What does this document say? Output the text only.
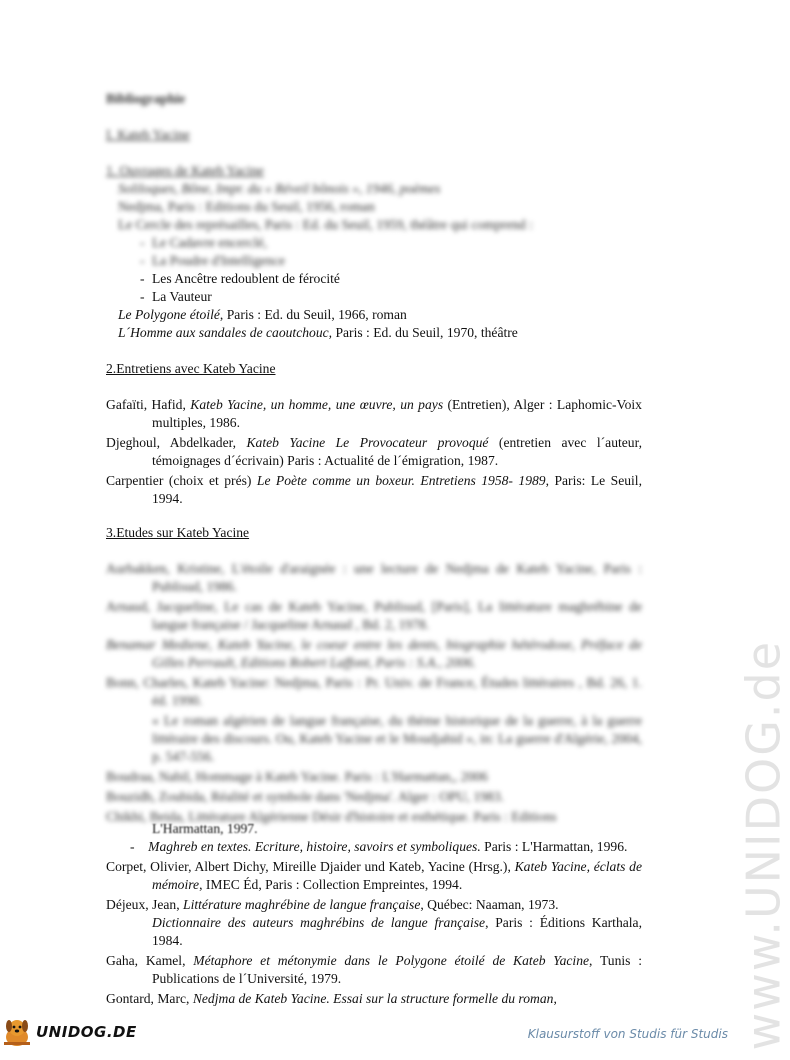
www.UNIDOG.de
Bibliographie
I. Kateb Yacine
1. Ouvrages de Kateb Yacine
Soliloques, Bône, Impr. du « Réveil bônois », 1946, poèmes
Nedjma, Paris : Editions du Seuil, 1956, roman
Le Cercle des représailles, Paris : Ed. du Seuil, 1959, théâtre qui comprend :
- Le Cadavre encerclé,
- La Poudre d'Intelligence
- Les Ancêtre redoublent de férocité
- La Vauteur
Le Polygone étoilé, Paris : Ed. du Seuil, 1966, roman
L´Homme aux sandales de caoutchouc, Paris : Ed. du Seuil, 1970, théâtre
2.Entretiens avec Kateb Yacine

Gafaïti, Hafid, Kateb Yacine, un homme, une œuvre, un pays (Entretien), Alger : Laphomic-Voix multiples, 1986.

Djeghoul, Abdelkader, Kateb Yacine Le Provocateur provoqué (entretien avec l´auteur, témoignages d´écrivain) Paris : Actualité de l´émigration, 1987.

Carpentier (choix et prés) Le Poète comme un boxeur. Entretiens 1958- 1989, Paris: Le Seuil, 1994.

3.Etudes sur Kateb Yacine

Aurbakken, Kristine, L'étoile d'araignée : une lecture de Nedjma de Kateb Yacine, Paris : Publisud, 1986.

Arnaud, Jacqueline, Le cas de Kateb Yacine, Publisud, [Paris], La littérature maghrébine de langue française / Jacqueline Arnaud , Bd. 2, 1978.

Benamar Mediene, Kateb Yacine, le coeur entre les dents, biographie hétérodoxe, Préface de Gilles Perrault, Editions Robert Laffont, Paris : S.A., 2006.

Bonn, Charles, Kateb Yacine: Nedjma, Paris : Pr. Univ. de France, Études littéraires , Bd. 26, 1. éd. 1990.

« Le roman algérien de langue française, du thème historique de la guerre, à la guerre littéraire des discours. Ou, Kateb Yacine et le Moudjahid », in: La guerre d'Algérie, 2004, p. 547-556.

Boudraa, Nabil, Hommage à Kateb Yacine. Paris : L'Harmattan,, 2006

Bouzidh, Zoubida, Réalité et symbole dans 'Nedjma'. Alger : OPU, 1983.

Chikhi, Beida, Littérature Algérienne Désir d'histoire et esthétique. Paris : Editions

L'Harmattan, 1997.

-    Maghreb en textes. Ecriture, histoire, savoirs et symboliques. Paris : L'Harmattan, 1996.

Corpet, Olivier, Albert Dichy, Mireille Djaider und Kateb, Yacine (Hrsg.), Kateb Yacine, éclats de mémoire, IMEC Éd, Paris : Collection Empreintes, 1994.

Déjeux, Jean, Littérature maghrébine de langue française, Québec: Naaman, 1973.

Dictionnaire des auteurs maghrébins de langue française, Paris : Éditions Karthala, 1984.

Gaha, Kamel, Métaphore et métonymie dans le Polygone étoilé de Kateb Yacine, Tunis : Publications de l´Université, 1979.

Gontard, Marc, Nedjma de Kateb Yacine. Essai sur la structure formelle du roman,

UNIDOG.DE	Klausurstoff von Studis für Studis
